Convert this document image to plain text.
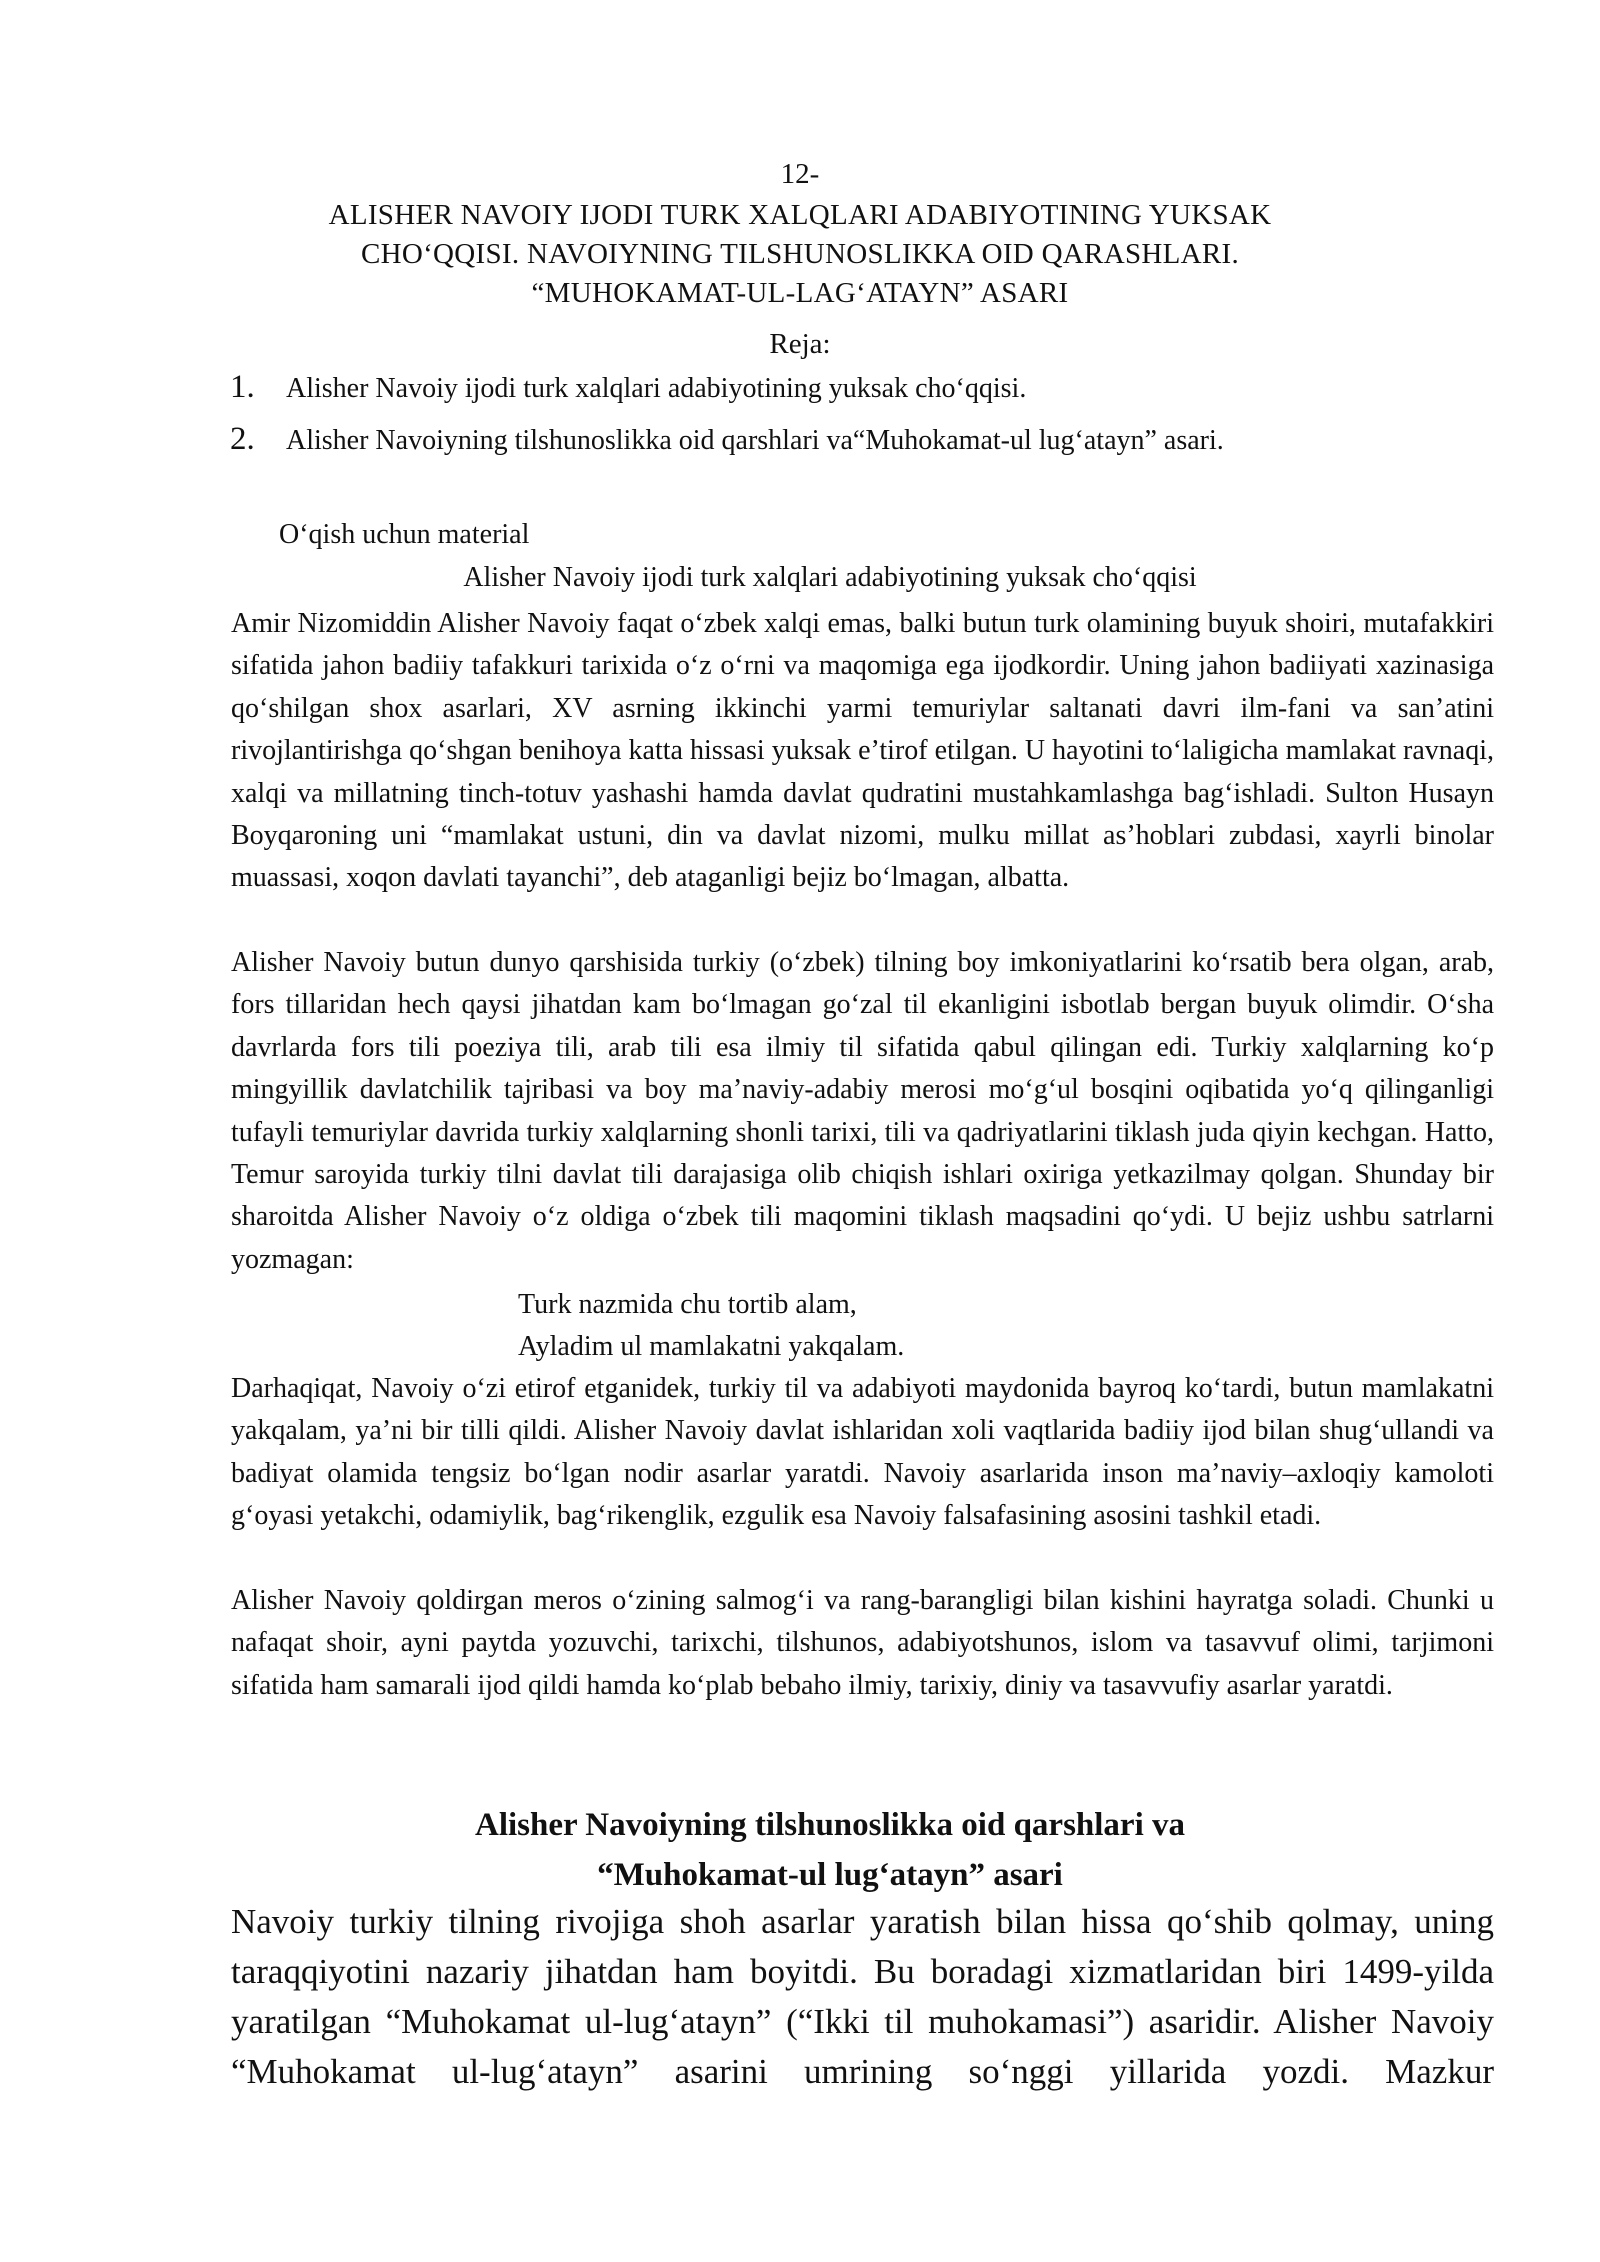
12-
ALISHER NAVOIY IJODI TURK XALQLARI ADABIYOTINING YUKSAK
CHO‘QQISI. NAVOIYNING TILSHUNOSLIKKA OID QARASHLARI.
“MUHOKAMAT-UL-LAG‘ATAYN” ASARI
Reja:
1.	Alisher Navoiy ijodi turk xalqlari adabiyotining yuksak cho‘qqisi.
2.	Alisher Navoiyning tilshunoslikka oid qarshlari va“Muhokamat-ul lug‘atayn” asari.
O‘qish uchun material
Alisher Navoiy ijodi turk xalqlari adabiyotining yuksak cho‘qqisi

Amir Nizomiddin Alisher Navoiy faqat o‘zbek xalqi emas, balki butun turk olamining buyuk shoiri, mutafakkiri sifatida jahon badiiy tafakkuri tarixida o‘z o‘rni va maqomiga ega ijodkordir. Uning jahon badiiyati xazinasiga qo‘shilgan shox asarlari, XV asrning ikkinchi yarmi temuriylar saltanati davri ilm-fani va san’atini rivojlantirishga qo‘shgan benihoya katta hissasi yuksak e’tirof etilgan. U hayotini to‘laligicha mamlakat ravnaqi, xalqi va millatning tinch-totuv yashashi hamda davlat qudratini mustahkamlashga bag‘ishladi. Sulton Husayn Boyqaroning uni “mamlakat ustuni, din va davlat nizomi, mulku millat as’hoblari zubdasi, xayrli binolar muassasi, xoqon davlati tayanchi”, deb ataganligi bejiz bo‘lmagan, albatta.

Alisher Navoiy butun dunyo qarshisida turkiy (o‘zbek) tilning boy imkoniyatlarini ko‘rsatib bera olgan, arab, fors tillaridan hech qaysi jihatdan kam bo‘lmagan go‘zal til ekanligini isbotlab bergan buyuk olimdir. O‘sha davrlarda fors tili poeziya tili, arab tili esa ilmiy til sifatida qabul qilingan edi. Turkiy xalqlarning ko‘p mingyillik davlatchilik tajribasi va boy ma’naviy-adabiy merosi mo‘g‘ul bosqini oqibatida yo‘q qilinganligi tufayli temuriylar davrida turkiy xalqlarning shonli tarixi, tili va qadriyatlarini tiklash juda qiyin kechgan. Hatto, Temur saroyida turkiy tilni davlat tili darajasiga olib chiqish ishlari oxiriga yetkazilmay qolgan. Shunday bir sharoitda Alisher Navoiy o‘z oldiga o‘zbek tili maqomini tiklash maqsadini qo‘ydi. U bejiz ushbu satrlarni yozmagan:

Turk nazmida chu tortib alam,
Ayladim ul mamlakatni yakqalam.

Darhaqiqat, Navoiy o‘zi etirof etganidek, turkiy til va adabiyoti maydonida bayroq ko‘tardi, butun mamlakatni yakqalam, ya’ni bir tilli qildi. Alisher Navoiy davlat ishlaridan xoli vaqtlarida badiiy ijod bilan shug‘ullandi va badiyat olamida tengsiz bo‘lgan nodir asarlar yaratdi. Navoiy asarlarida inson ma’naviy–axloqiy kamoloti g‘oyasi yetakchi, odamiylik, bag‘rikenglik, ezgulik esa Navoiy falsafasining asosini tashkil etadi.

Alisher Navoiy qoldirgan meros o‘zining salmog‘i va rang-barangligi bilan kishini hayratga soladi. Chunki u nafaqat shoir, ayni paytda yozuvchi, tarixchi, tilshunos, adabiyotshunos, islom va tasavvuf olimi, tarjimoni sifatida ham samarali ijod qildi hamda ko‘plab bebaho ilmiy, tarixiy, diniy va tasavvufiy asarlar yaratdi.

Alisher Navoiyning tilshunoslikka oid qarshlari va
“Muhokamat-ul lug‘atayn” asari

Navoiy turkiy tilning rivojiga shoh asarlar yaratish bilan hissa qo‘shib qolmay, uning taraqqiyotini nazariy jihatdan ham boyitdi. Bu boradagi xizmatlaridan biri 1499-yilda yaratilgan “Muhokamat ul-lug‘atayn” (“Ikki til muhokamasi”) asaridir. Alisher Navoiy “Muhokamat ul-lug‘atayn” asarini umrining so‘nggi yillarida yozdi. Mazkur
